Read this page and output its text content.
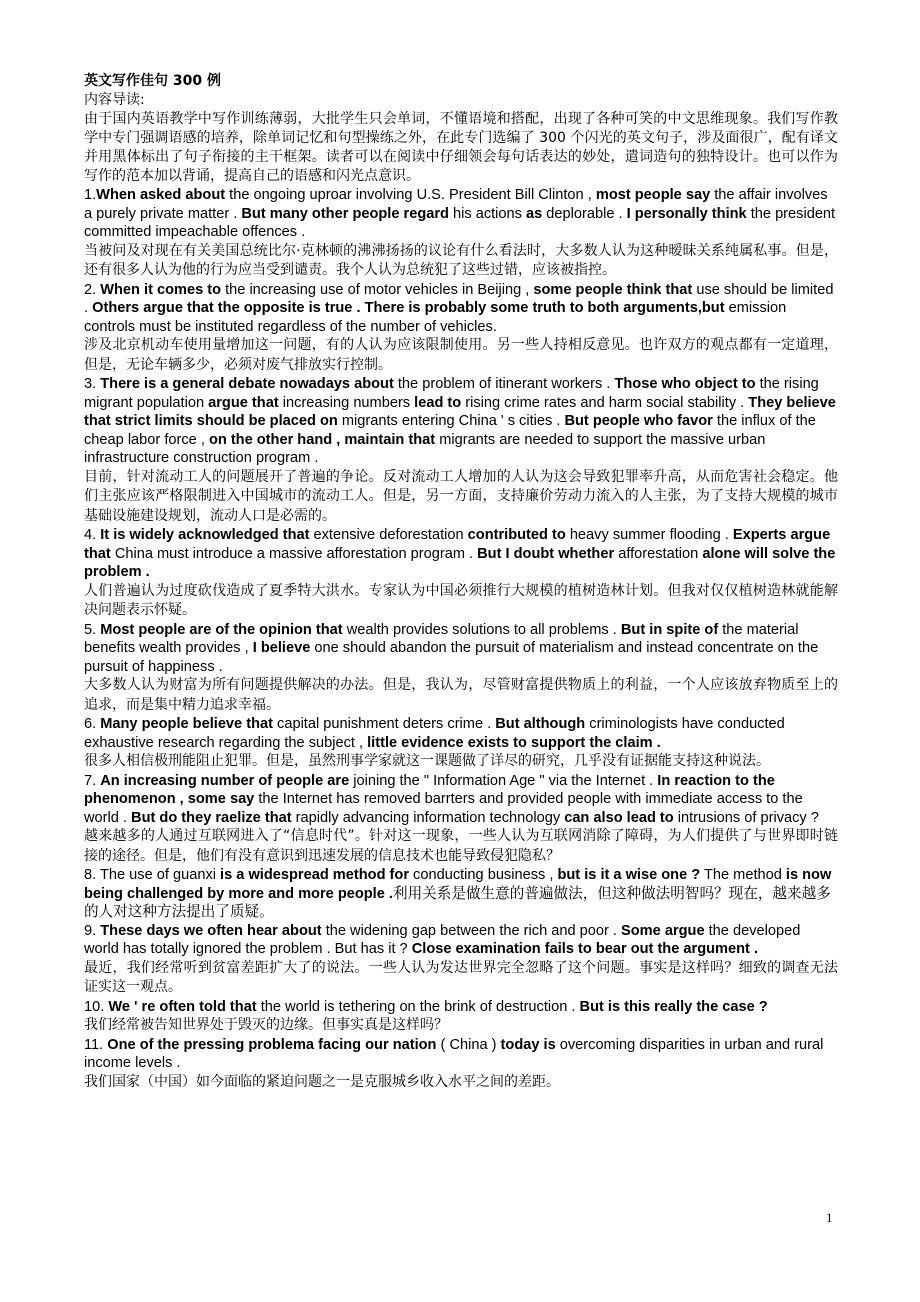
英文写作佳句 300 例

内容导读:

由于国内英语教学中写作训练薄弱，大批学生只会单词，不懂语境和搭配，出现了各种可笑的中文思维现象。我们写作教学中专门强调语感的培养，除单词记忆和句型操练之外，在此专门选编了 300 个闪光的英文句子，涉及面很广，配有译文并用黑体标出了句子衔接的主干框架。读者可以在阅读中仔细领会每句话表达的妙处，遣词造句的独特设计。也可以作为写作的范本加以背诵，提高自己的语感和闪光点意识。

1.When asked about the ongoing uproar involving U.S. President Bill Clinton , most people say the affair involves a purely private matter . But many other people regard his actions as deplorable . I personally think the president committed impeachable offences .

当被问及对现在有关美国总统比尔·克林顿的沸沸扬扬的议论有什么看法时，大多数人认为这种暧昧关系纯属私事。但是，还有很多人认为他的行为应当受到谴责。我个人认为总统犯了这些过错，应该被指控。

2. When it comes to the increasing use of motor vehicles in Beijing , some people think that use should be limited . Others argue that the opposite is true . There is probably some truth to both arguments,but emission controls must be instituted regardless of the number of vehicles.

涉及北京机动车使用量增加这一问题，有的人认为应该限制使用。另一些人持相反意见。也许双方的观点都有一定道理，但是，无论车辆多少，必须对废气排放实行控制。

3. There is a general debate nowadays about the problem of itinerant workers . Those who object to the rising migrant population argue that increasing numbers lead to rising crime rates and harm social stability . They believe that strict limits should be placed on migrants entering China ' s cities . But people who favor the influx of the cheap labor force , on the other hand , maintain that migrants are needed to support the massive urban infrastructure construction program .

目前，针对流动工人的问题展开了普遍的争论。反对流动工人增加的人认为这会导致犯罪率升高，从而危害社会稳定。他们主张应该严格限制进入中国城市的流动工人。但是，另一方面，支持廉价劳动力流入的人主张，为了支持大规模的城市基础设施建设规划，流动人口是必需的。

4. It is widely acknowledged that extensive deforestation contributed to heavy summer flooding . Experts argue that China must introduce a massive afforestation program . But I doubt whether afforestation alone will solve the problem .

人们普遍认为过度砍伐造成了夏季特大洪水。专家认为中国必须推行大规模的植树造林计划。但我对仅仅植树造林就能解决问题表示怀疑。

5. Most people are of the opinion that wealth provides solutions to all problems . But in spite of the material benefits wealth provides , I believe one should abandon the pursuit of materialism and instead concentrate on the pursuit of happiness .

大多数人认为财富为所有问题提供解决的办法。但是，我认为，尽管财富提供物质上的利益，一个人应该放弃物质至上的追求，而是集中精力追求幸福。

6. Many people believe that capital punishment deters crime . But although criminologists have conducted exhaustive research regarding the subject , little evidence exists to support the claim .

很多人相信极刑能阻止犯罪。但是，虽然刑事学家就这一课题做了详尽的研究，几乎没有证据能支持这种说法。

7. An increasing number of people are joining the " Information Age " via the Internet . In reaction to the phenomenon , some say the Internet has removed barrters and provided people with immediate access to the world . But do they raelize that rapidly advancing information technology can also lead to intrusions of privacy ?

越来越多的人通过互联网进入了“信息时代”。针对这一现象，一些人认为互联网消除了障碍，为人们提供了与世界即时链接的途径。但是，他们有没有意识到迅速发展的信息技术也能导致侵犯隐私？

8. The use of guanxi is a widespread method for conducting business , but is it a wise one ? The method is now being challenged by more and more people .利用关系是做生意的普遍做法，但这种做法明智吗？现在，越来越多的人对这种方法提出了质疑。

9. These days we often hear about the widening gap between the rich and poor . Some argue the developed world has totally ignored the problem . But has it ? Close examination fails to bear out the argument .

最近，我们经常听到贫富差距扩大了的说法。一些人认为发达世界完全忽略了这个问题。事实是这样吗？细致的调查无法证实这一观点。

10. We ' re often told that the world is tethering on the brink of destruction . But is this really the case ?

我们经常被告知世界处于毁灭的边缘。但事实真是这样吗？

11. One of the pressing problema facing our nation ( China ) today is overcoming disparities in urban and rural income levels .

我们国家（中国）如今面临的紧迫问题之一是克服城乡收入水平之间的差距。

1
